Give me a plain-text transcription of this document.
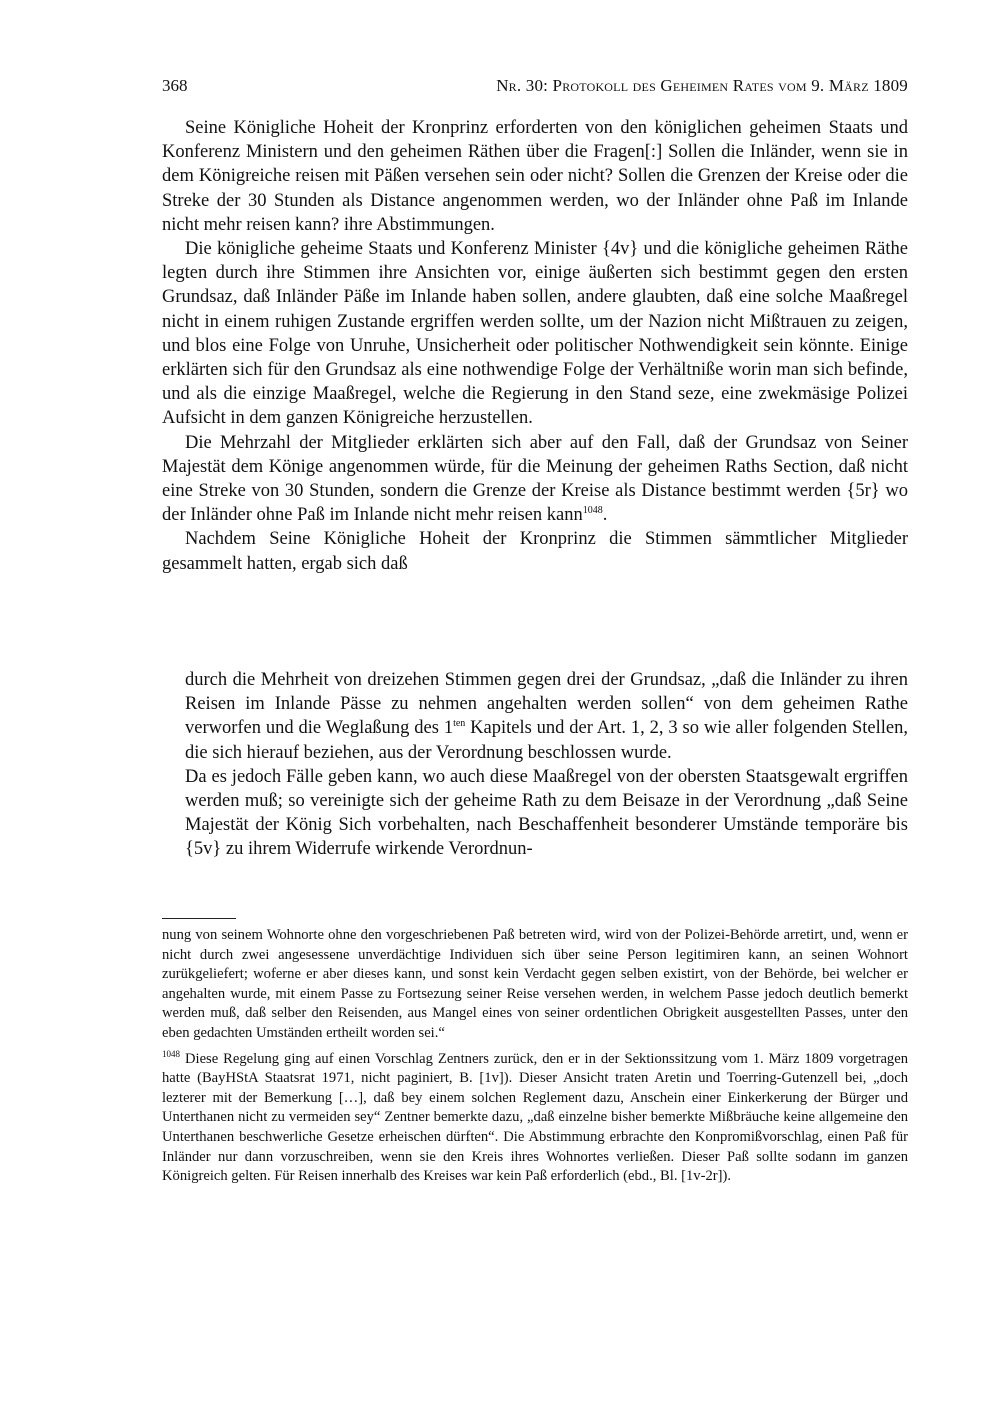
368	Nr. 30: Protokoll des Geheimen Rates vom 9. März 1809

Seine Königliche Hoheit der Kronprinz erforderten von den königlichen geheimen Staats und Konferenz Ministern und den geheimen Räthen über die Fragen[:] Sollen die Inländer, wenn sie in dem Königreiche reisen mit Päßen versehen sein oder nicht? Sollen die Grenzen der Kreise oder die Streke der 30 Stunden als Distance angenommen werden, wo der Inländer ohne Paß im Inlande nicht mehr reisen kann? ihre Abstimmungen.

Die königliche geheime Staats und Konferenz Minister {4v} und die königliche geheimen Räthe legten durch ihre Stimmen ihre Ansichten vor, einige äußerten sich bestimmt gegen den ersten Grundsaz, daß Inländer Päße im Inlande haben sollen, andere glaubten, daß eine solche Maaßregel nicht in einem ruhigen Zustande ergriffen werden sollte, um der Nazion nicht Mißtrauen zu zeigen, und blos eine Folge von Unruhe, Unsicherheit oder politischer Nothwendigkeit sein könnte. Einige erklärten sich für den Grundsaz als eine nothwendige Folge der Verhältniße worin man sich befinde, und als die einzige Maaßregel, welche die Regierung in den Stand seze, eine zwekmäsige Polizei Aufsicht in dem ganzen Königreiche herzustellen.

Die Mehrzahl der Mitglieder erklärten sich aber auf den Fall, daß der Grundsaz von Seiner Majestät dem Könige angenommen würde, für die Meinung der geheimen Raths Section, daß nicht eine Streke von 30 Stunden, sondern die Grenze der Kreise als Distance bestimmt werden {5r} wo der Inländer ohne Paß im Inlande nicht mehr reisen kann$^{1048}$.

Nachdem Seine Königliche Hoheit der Kronprinz die Stimmen sämmtlicher Mitglieder gesammelt hatten, ergab sich daß

durch die Mehrheit von dreizehen Stimmen gegen drei der Grundsaz, „daß die Inländer zu ihren Reisen im Inlande Pässe zu nehmen angehalten werden sollen“ von dem geheimen Rathe verworfen und die Weglaßung des $1^{ten}$ Kapitels und der Art. 1, 2, 3 so wie aller folgenden Stellen, die sich hierauf beziehen, aus der Verordnung beschlossen wurde.

Da es jedoch Fälle geben kann, wo auch diese Maaßregel von der obersten Staatsgewalt ergriffen werden muß; so vereinigte sich der geheime Rath zu dem Beisaze in der Verordnung „daß Seine Majestät der König Sich vorbehalten, nach Beschaffenheit besonderer Umstände temporäre bis {5v} zu ihrem Widerrufe wirkende Verordnun-

nung von seinem Wohnorte ohne den vorgeschriebenen Paß betreten wird, wird von der Polizei-Behörde arretirt, und, wenn er nicht durch zwei angesessene unverdächtige Individuen sich über seine Person legitimiren kann, an seinen Wohnort zurükgeliefert; woferne er aber dieses kann, und sonst kein Verdacht gegen selben existirt, von der Behörde, bei welcher er angehalten wurde, mit einem Passe zu Fortsezung seiner Reise versehen werden, in welchem Passe jedoch deutlich bemerkt werden muß, daß selber den Reisenden, aus Mangel eines von seiner ordentlichen Obrigkeit ausgestellten Passes, unter den eben gedachten Umständen ertheilt worden sei.“

$^{1048}$ Diese Regelung ging auf einen Vorschlag Zentners zurück, den er in der Sektionssitzung vom 1. März 1809 vorgetragen hatte (BayHStA Staatsrat 1971, nicht paginiert, B. [1v]). Dieser Ansicht traten Aretin und Toerring-Gutenzell bei, „doch lezterer mit der Bemerkung […], daß bey einem solchen Reglement dazu, Anschein einer Einkerkerung der Bürger und Unterthanen nicht zu vermeiden sey“ Zentner bemerkte dazu, „daß einzelne bisher bemerkte Mißbräuche keine allgemeine den Unterthanen beschwerliche Gesetze erheischen dürften“. Die Abstimmung erbrachte den Konpromißvorschlag, einen Paß für Inländer nur dann vorzuschreiben, wenn sie den Kreis ihres Wohnortes verließen. Dieser Paß sollte sodann im ganzen Königreich gelten. Für Reisen innerhalb des Kreises war kein Paß erforderlich (ebd., Bl. [1v-2r]).
